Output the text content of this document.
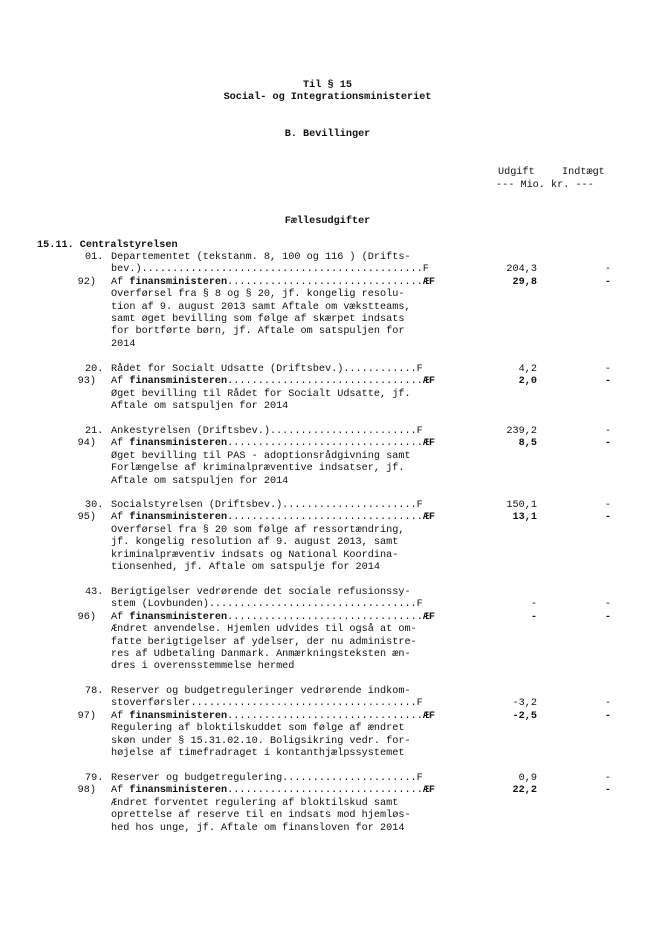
Til § 15
Social- og Integrationsministeriet
B. Bevillinger
Udgift	Indtægt
--- Mio. kr. ---
Fællesudgifter
15.11. Centralstyrelsen
01. Departementet (tekstanm. 8, 100 og 116 ) (Drifts-
bev.)..............................................F	204,3	-
92) Af finansministeren................................ÆF	29,8	-
Overførsel fra § 8 og § 20, jf. kongelig resolu-
tion af 9. august 2013 samt Aftale om vækstteams,
samt øget bevilling som følge af skærpet indsats
for bortførte børn, jf. Aftale om satspuljen for
2014
20. Rådet for Socialt Udsatte (Driftsbev.)............F	4,2	-
93) Af finansministeren................................ÆF	2,0	-
Øget bevilling til Rådet for Socialt Udsatte, jf.
Aftale om satspuljen for 2014
21. Ankestyrelsen (Driftsbev.)........................F	239,2	-
94) Af finansministeren................................ÆF	8,5	-
Øget bevilling til PAS - adoptionsrådgivning samt
Forlængelse af kriminalpræventive indsatser, jf.
Aftale om satspuljen for 2014
30. Socialstyrelsen (Driftsbev.)......................F	150,1	-
95) Af finansministeren................................ÆF	13,1	-
Overførsel fra § 20 som følge af ressortændring,
jf. kongelig resolution af 9. august 2013, samt
kriminalpræventiv indsats og National Koordina-
tionsenhed, jf. Aftale om satspulje for 2014
43. Berigtigelser vedrørende det sociale refusionssy-
stem (Lovbunden)..................................F	-	-
96) Af finansministeren................................ÆF	-	-
Ændret anvendelse. Hjemlen udvides til også at om-
fatte berigtigelser af ydelser, der nu administre-
res af Udbetaling Danmark. Anmærkningsteksten æn-
dres i overensstemmelse hermed
78. Reserver og budgetreguleringer vedrørende indkom-
stoverførsler.....................................F	-3,2	-
97) Af finansministeren................................ÆF	-2,5	-
Regulering af bloktilskuddet som følge af ændret
skøn under § 15.31.02.10. Boligsikring vedr. for-
højelse af timefradraget i kontanthjælpssystemet
79. Reserver og budgetregulering......................F	0,9	-
98) Af finansministeren................................ÆF	22,2	-
Ændret forventet regulering af bloktilskud samt
oprettelse af reserve til en indsats mod hjemløs-
hed hos unge, jf. Aftale om finansloven for 2014
